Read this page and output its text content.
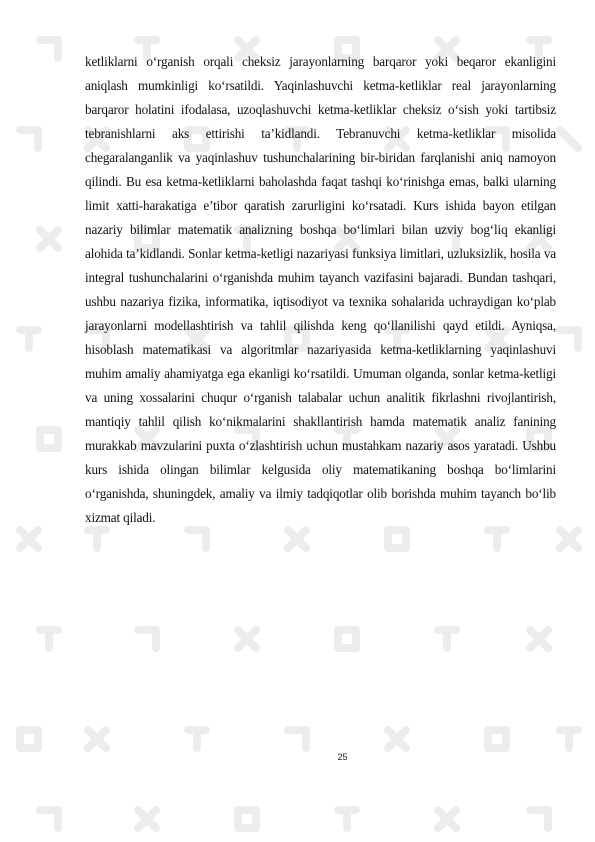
ketliklarni o‘rganish orqali cheksiz jarayonlarning barqaror yoki beqaror ekanligini aniqlash mumkinligi ko‘rsatildi. Yaqinlashuvchi ketma-ketliklar real jarayonlarning barqaror holatini ifodalasa, uzoqlashuvchi ketma-ketliklar cheksiz o‘sish yoki tartibsiz tebranishlarni aks ettirishi ta’kidlandi. Tebranuvchi ketma-ketliklar misolida chegaralanganlik va yaqinlashuv tushunchalarining bir-biridan farqlanishi aniq namoyon qilindi. Bu esa ketma-ketliklarni baholashda faqat tashqi ko‘rinishga emas, balki ularning limit xatti-harakatiga e’tibor qaratish zarurligini ko‘rsatadi. Kurs ishida bayon etilgan nazariy bilimlar matematik analizning boshqa bo‘limlari bilan uzviy bog‘liq ekanligi alohida ta’kidlandi. Sonlar ketma-ketligi nazariyasi funksiya limitlari, uzluksizlik, hosila va integral tushunchalarini o‘rganishda muhim tayanch vazifasini bajaradi. Bundan tashqari, ushbu nazariya fizika, informatika, iqtisodiyot va texnika sohalarida uchraydigan ko‘plab jarayonlarni modellashtirish va tahlil qilishda keng qo‘llanilishi qayd etildi. Ayniqsa, hisoblash matematikasi va algoritmlar nazariyasida ketma-ketliklarning yaqinlashuvi muhim amaliy ahamiyatga ega ekanligi ko‘rsatildi. Umuman olganda, sonlar ketma-ketligi va uning xossalarini chuqur o‘rganish talabalar uchun analitik fikrlashni rivojlantirish, mantiqiy tahlil qilish ko‘nikmalarini shakllantirish hamda matematik analiz fanining murakkab mavzularini puxta o‘zlashtirish uchun mustahkam nazariy asos yaratadi. Ushbu kurs ishida olingan bilimlar kelgusida oliy matematikaning boshqa bo‘limlarini o‘rganishda, shuningdek, amaliy va ilmiy tadqiqotlar olib borishda muhim tayanch bo‘lib xizmat qiladi.

25
